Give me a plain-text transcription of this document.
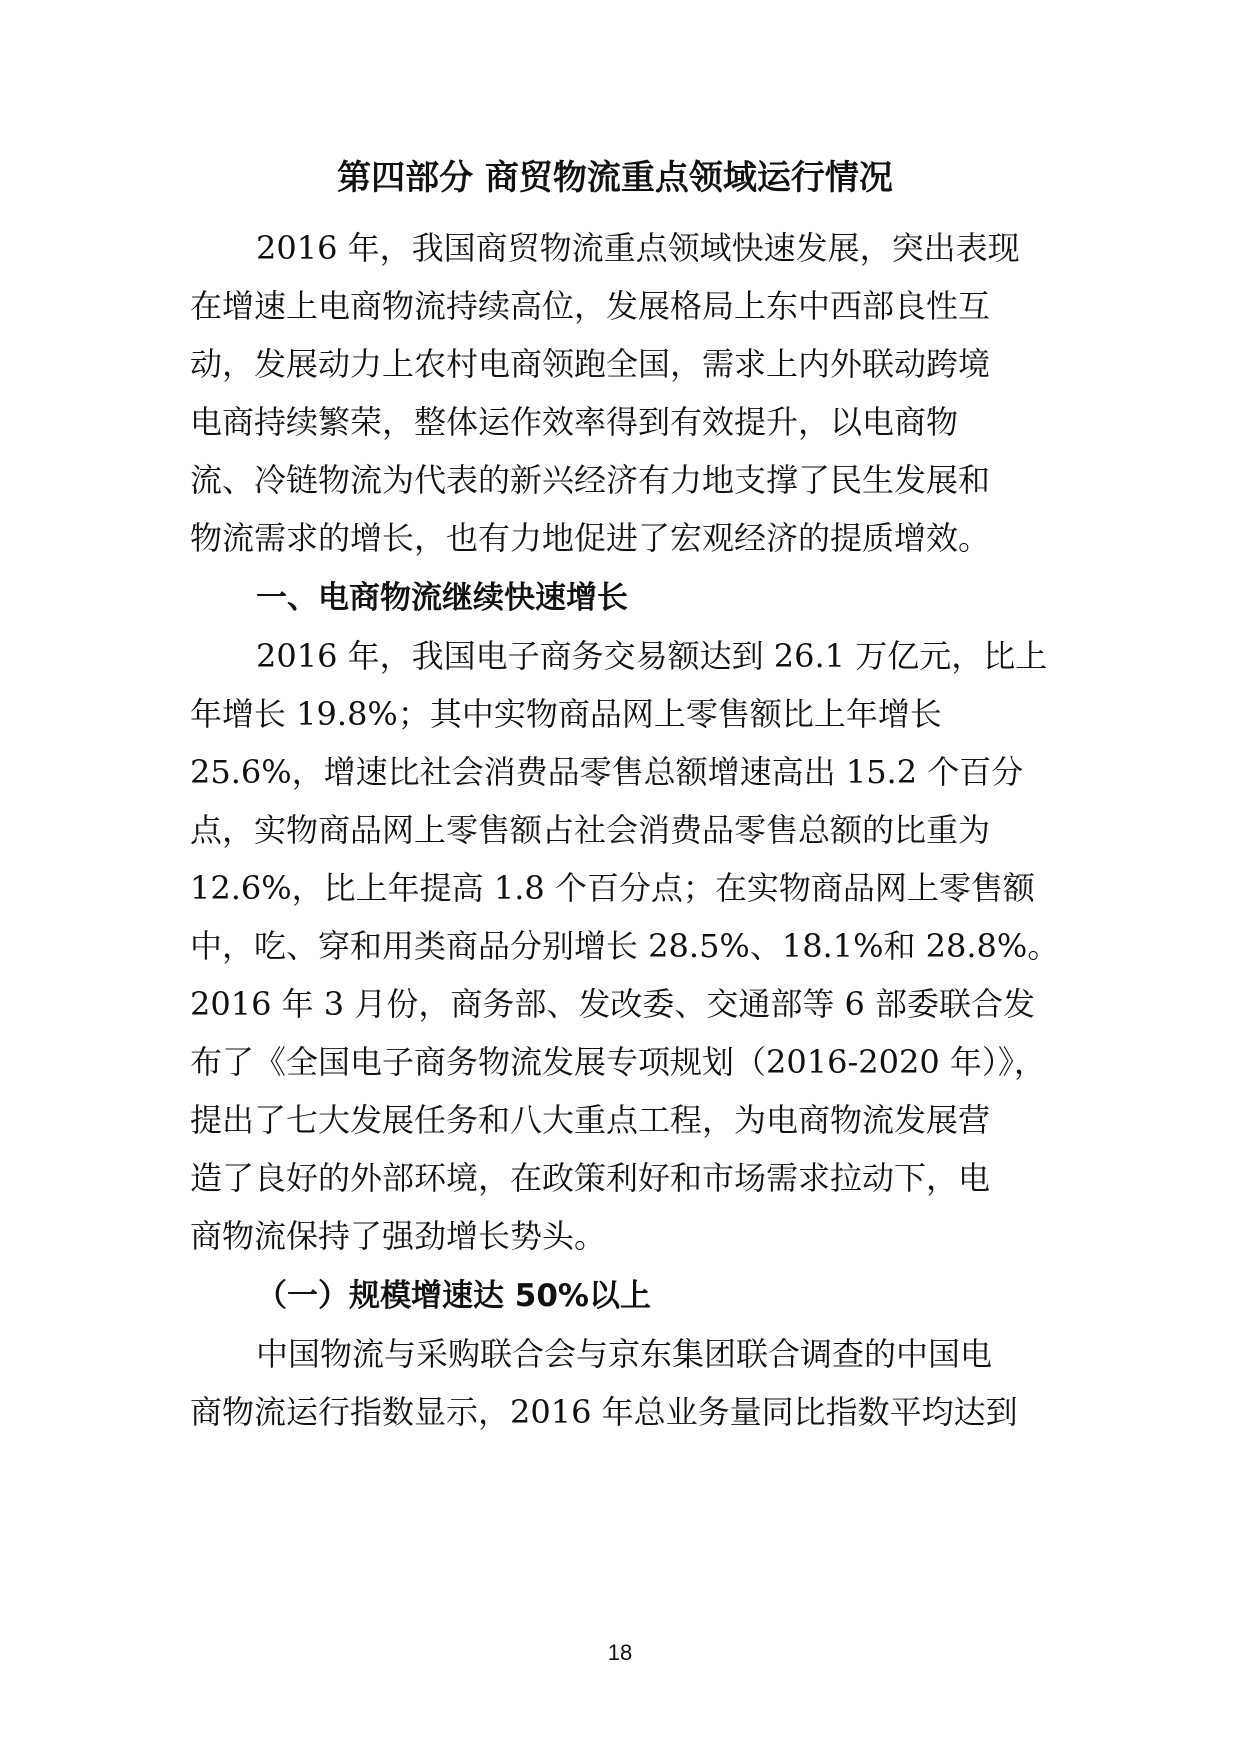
第四部分 商贸物流重点领域运行情况

2016 年，我国商贸物流重点领域快速发展，突出表现

在增速上电商物流持续高位，发展格局上东中西部良性互

动，发展动力上农村电商领跑全国，需求上内外联动跨境

电商持续繁荣，整体运作效率得到有效提升，以电商物

流、冷链物流为代表的新兴经济有力地支撑了民生发展和

物流需求的增长，也有力地促进了宏观经济的提质增效。

一、电商物流继续快速增长

2016 年，我国电子商务交易额达到 26.1 万亿元，比上

年增长 19.8%；其中实物商品网上零售额比上年增长

25.6%，增速比社会消费品零售总额增速高出 15.2 个百分

点，实物商品网上零售额占社会消费品零售总额的比重为

12.6%，比上年提高 1.8 个百分点；在实物商品网上零售额

中，吃、穿和用类商品分别增长 28.5%、18.1%和 28.8%。

2016 年 3 月份，商务部、发改委、交通部等 6 部委联合发

布了《全国电子商务物流发展专项规划（2016-2020 年）》，

提出了七大发展任务和八大重点工程，为电商物流发展营

造了良好的外部环境，在政策利好和市场需求拉动下，电

商物流保持了强劲增长势头。

（一）规模增速达 50%以上

中国物流与采购联合会与京东集团联合调查的中国电

商物流运行指数显示，2016 年总业务量同比指数平均达到

18
